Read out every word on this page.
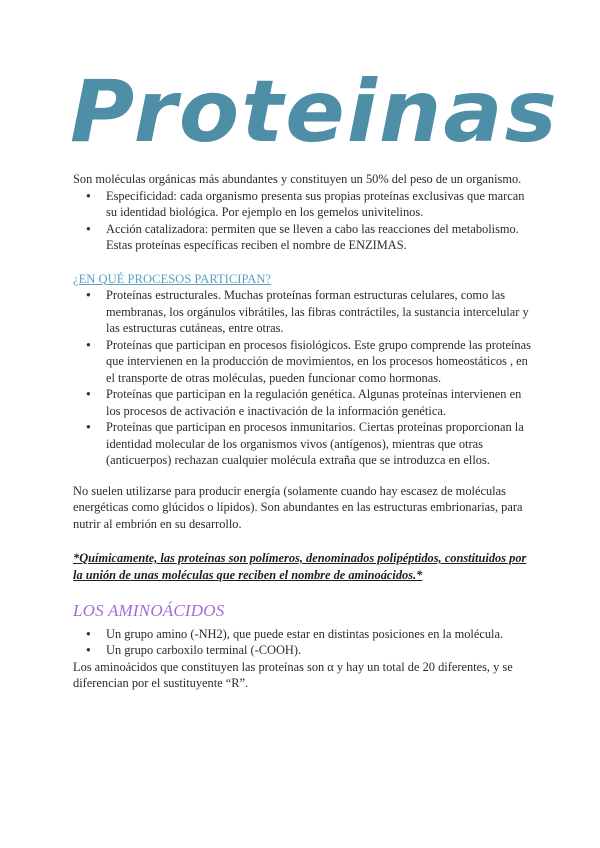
Proteinas

Son moléculas orgánicas más abundantes y constituyen un 50% del peso de un organismo.

● Especificidad: cada organismo presenta sus propias proteínas exclusivas que marcan su identidad biológica. Por ejemplo en los gemelos univitelinos.
● Acción catalizadora: permiten que se lleven a cabo las reacciones del metabolismo. Estas proteínas específicas reciben el nombre de ENZIMAS.

¿EN QUÉ PROCESOS PARTICIPAN?

● Proteínas estructurales. Muchas proteínas forman estructuras celulares, como las membranas, los orgánulos vibrátiles, las fibras contráctiles, la sustancia intercelular y las estructuras cutáneas, entre otras.
● Proteínas que participan en procesos fisiológicos. Este grupo comprende las proteínas que intervienen en la producción de movimientos, en los procesos homeostáticos , en el transporte de otras moléculas, pueden funcionar como hormonas.
● Proteínas que participan en la regulación genética. Algunas proteínas intervienen en los procesos de activación e inactivación de la información genética.
● Proteínas que participan en procesos inmunitarios. Ciertas proteínas proporcionan la identidad molecular de los organismos vivos (antígenos), mientras que otras (anticuerpos) rechazan cualquier molécula extraña que se introduzca en ellos.

No suelen utilizarse para producir energía (solamente cuando hay escasez de moléculas energéticas como glúcidos o lípidos). Son abundantes en las estructuras embrionarias, para nutrir al embrión en su desarrollo.

*Químicamente, las proteínas son polímeros, denominados polipéptidos, constituidos por la unión de unas moléculas que reciben el nombre de aminoácidos.*

LOS AMINOÁCIDOS

● Un grupo amino (-NH2), que puede estar en distintas posiciones en la molécula.
● Un grupo carboxilo terminal (-COOH).

Los aminoácidos que constituyen las proteínas son α y hay un total de 20 diferentes, y se diferencian por el sustituyente “R”.
